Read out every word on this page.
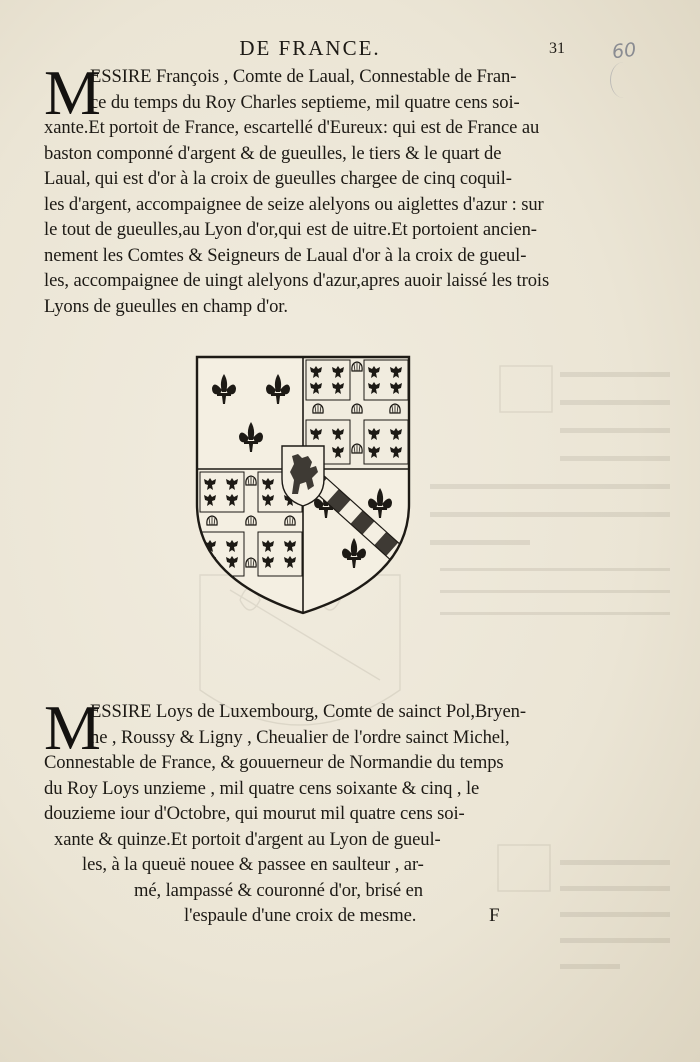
DE FRANCE.	31 60
M
ESSIRE François , Comte de Laual, Connestable de Fran-
ce du temps du Roy Charles septieme, mil quatre cens soi-
xante.Et portoit de France, escartellé d'Eureux: qui est de France au
baston componné d'argent & de gueulles, le tiers & le quart de
Laual, qui est d'or à la croix de gueulles chargee de cinq coquil-
les d'argent, accompaignee de seize alelyons ou aiglettes d'azur : sur
le tout de gueulles,au Lyon d'or,qui est de uitre.Et portoient ancien-
nement les Comtes & Seigneurs de Laual d'or à la croix de gueul-
les, accompaignee de uingt alelyons d'azur,apres auoir laissé les trois
Lyons de gueulles en champ d'or.
M
ESSIRE Loys de Luxembourg, Comte de sainct Pol,Bryen-
ne , Roussy & Ligny , Cheualier de l'ordre sainct Michel,
Connestable de France, & gouuerneur de Normandie du temps
du Roy Loys unzieme , mil quatre cens soixante & cinq , le
douzieme iour d'Octobre, qui mourut mil quatre cens soi-
xante & quinze.Et portoit d'argent au Lyon de gueul-
les, à la queuë nouee & passee en saulteur , ar-
mé, lampassé & couronné d'or, brisé en
l'espaule d'une croix de mesme.	F
